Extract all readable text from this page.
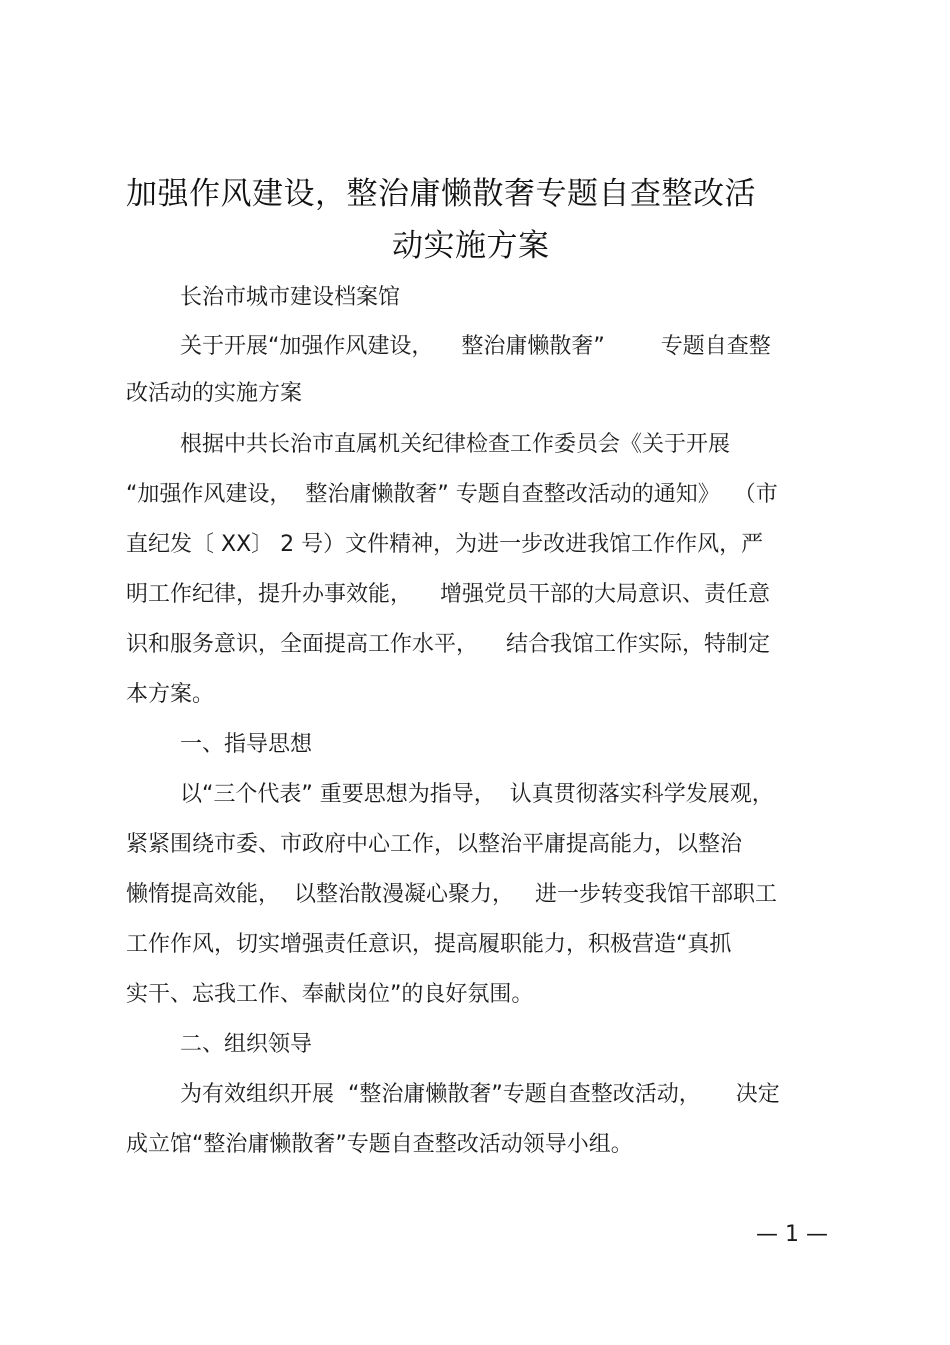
加强作风建设，整治庸懒散奢专题自查整改活
动实施方案
长治市城市建设档案馆
关于开展“加强作风建设，    整治庸懒散奢”        专题自查整
改活动的实施方案
根据中共长治市直属机关纪律检查工作委员会《关于开展
“加强作风建设，  整治庸懒散奢” 专题自查整改活动的通知》  （市
直纪发〔 XX〕 2 号）文件精神，为进一步改进我馆工作作风，严
明工作纪律，提升办事效能，    增强党员干部的大局意识、责任意
识和服务意识，全面提高工作水平，    结合我馆工作实际，特制定
本方案。
一、指导思想
以“三个代表” 重要思想为指导，  认真贯彻落实科学发展观，
紧紧围绕市委、市政府中心工作，以整治平庸提高能力，以整治
懒惰提高效能，  以整治散漫凝心聚力，   进一步转变我馆干部职工
工作作风，切实增强责任意识，提高履职能力，积极营造“真抓
实干、忘我工作、奉献岗位”的良好氛围。
二、组织领导
为有效组织开展  “整治庸懒散奢”专题自查整改活动，     决定
成立馆“整治庸懒散奢”专题自查整改活动领导小组。
— 1 —
